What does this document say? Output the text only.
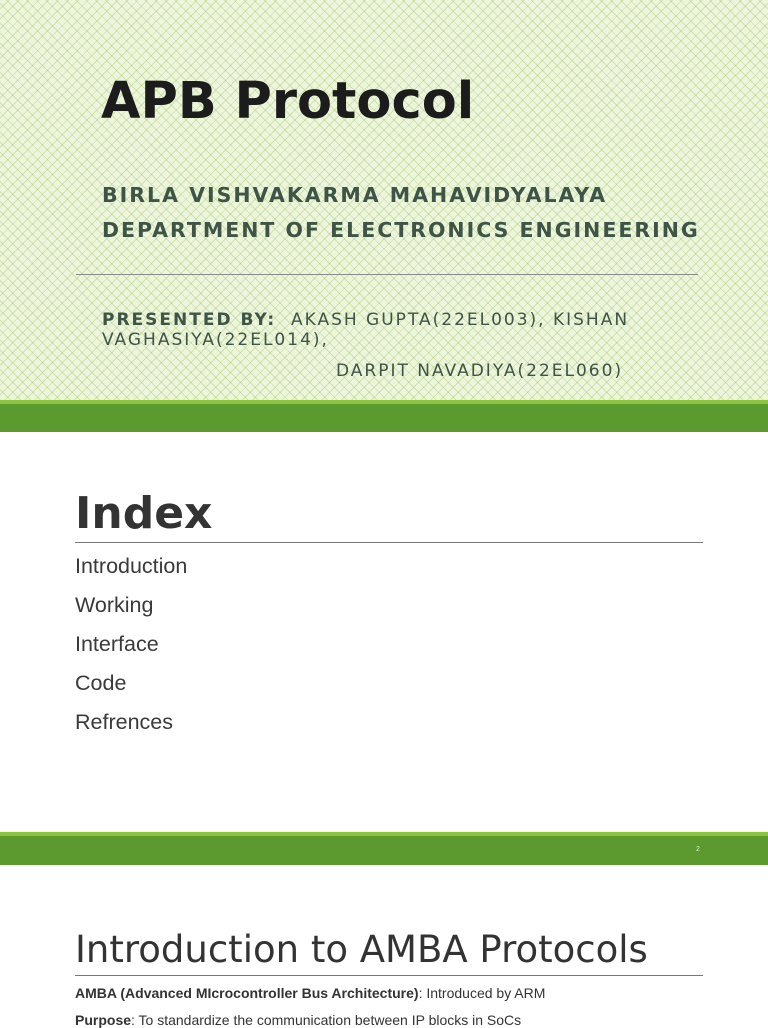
APB Protocol
BIRLA VISHVAKARMA MAHAVIDYALAYA
DEPARTMENT OF ELECTRONICS ENGINEERING
PRESENTED BY: AKASH GUPTA(22EL003), KISHAN VAGHASIYA(22EL014),
DARPIT NAVADIYA(22EL060)
Index
Introduction
Working
Interface
Code
Refrences
2
Introduction to AMBA Protocols
AMBA (Advanced MIcrocontroller Bus Architecture): Introduced by ARM
Purpose: To standardize the communication between IP blocks in SoCs
